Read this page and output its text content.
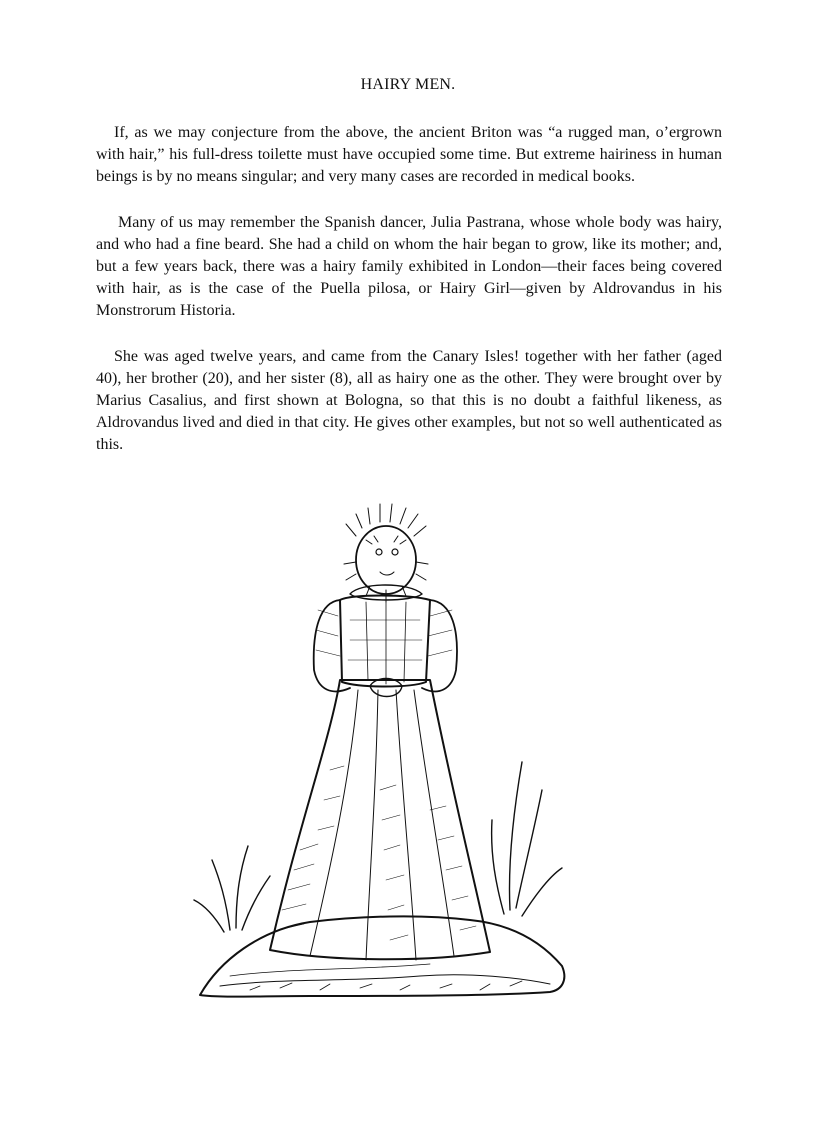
HAIRY MEN.

If, as we may conjecture from the above, the ancient Briton was “a rugged man, o’ergrown with hair,” his full-dress toilette must have occupied some time. But extreme hairiness in human beings is by no means singular; and very many cases are recorded in medical books.

Many of us may remember the Spanish dancer, Julia Pastrana, whose whole body was hairy, and who had a fine beard. She had a child on whom the hair began to grow, like its mother; and, but a few years back, there was a hairy family exhibited in London—their faces being covered with hair, as is the case of the Puella pilosa, or Hairy Girl—given by Aldrovandus in his Monstrorum Historia.

She was aged twelve years, and came from the Canary Isles! together with her father (aged 40), her brother (20), and her sister (8), all as hairy one as the other. They were brought over by Marius Casalius, and first shown at Bologna, so that this is no doubt a faithful likeness, as Aldrovandus lived and died in that city. He gives other examples, but not so well authenticated as this.
